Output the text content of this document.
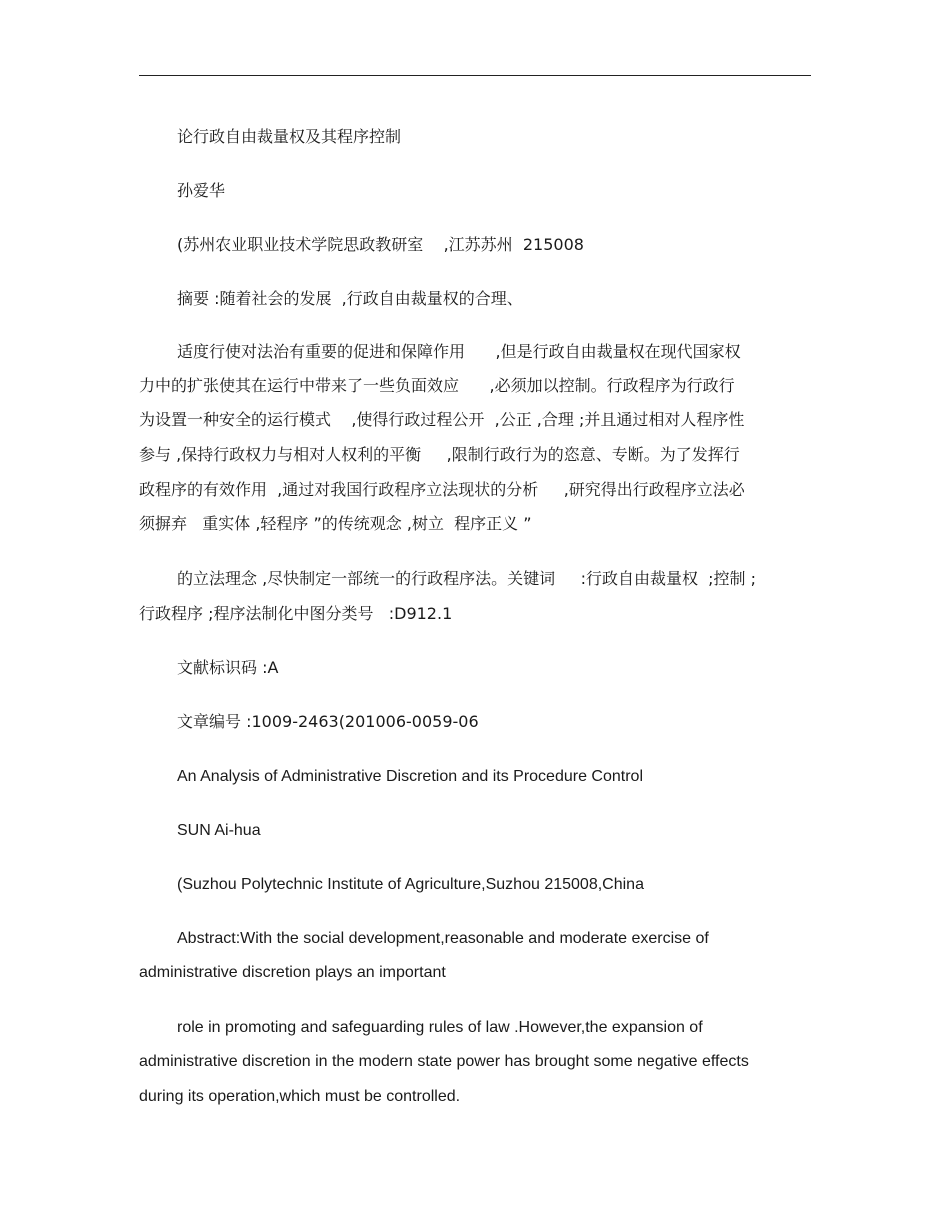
论行政自由裁量权及其程序控制
孙爱华
(苏州农业职业技术学院思政教研室    ,江苏苏州  215008
摘要 :随着社会的发展  ,行政自由裁量权的合理、
适度行使对法治有重要的促进和保障作用      ,但是行政自由裁量权在现代国家权
力中的扩张使其在运行中带来了一些负面效应      ,必须加以控制。行政程序为行政行
为设置一种安全的运行模式    ,使得行政过程公开  ,公正 ,合理 ;并且通过相对人程序性
参与 ,保持行政权力与相对人权利的平衡     ,限制行政行为的恣意、专断。为了发挥行
政程序的有效作用  ,通过对我国行政程序立法现状的分析     ,研究得出行政程序立法必
须摒弃   重实体 ,轻程序 ”的传统观念 ,树立  程序正义 ”
的立法理念 ,尽快制定一部统一的行政程序法。关键词     :行政自由裁量权  ;控制 ;
行政程序 ;程序法制化中图分类号   :D912.1
文献标识码 :A
文章编号 :1009-2463(201006-0059-06
An Analysis of Administrative Discretion and its Procedure Control
SUN Ai-hua
(Suzhou Polytechnic Institute of Agriculture,Suzhou 215008,China
Abstract:With the social development,reasonable and moderate exercise of
administrative discretion plays an important
role in promoting and safeguarding rules of law .However,the expansion of
administrative discretion in the modern state power has brought some negative effects
during its operation,which must be controlled.
